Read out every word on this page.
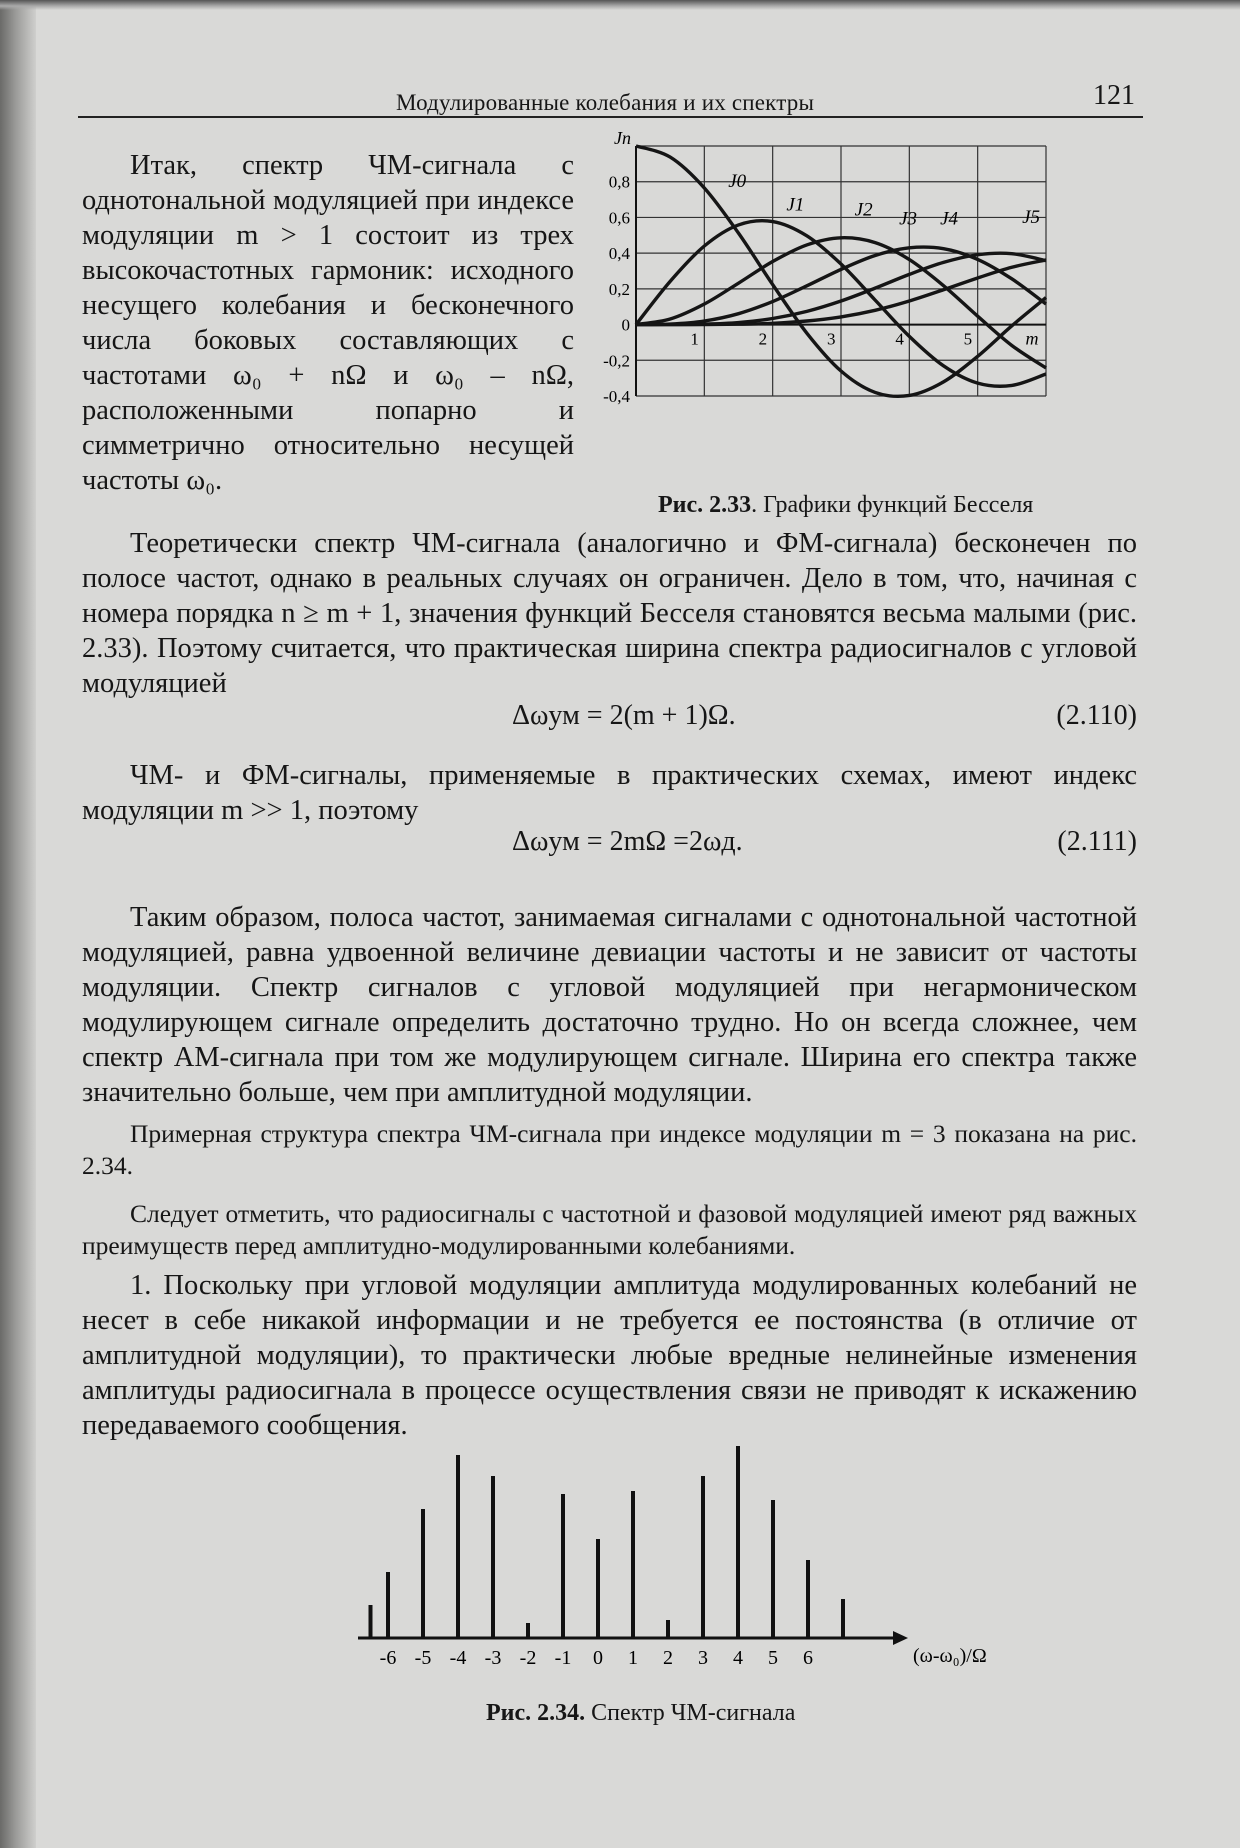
Модулированные колебания и их спектры	121

Итак, спектр ЧМ-сигнала с однотональной модуляцией при индексе модуляции m > 1 состоит из трех высокочастотных гармоник: исходного несущего колебания и бесконечного числа боковых составляющих с частотами ω₀ + nΩ и ω₀ – nΩ, расположенными попарно и симметрично относительно несущей частоты ω₀.

0,8
0,6
0,4
0,2
0
-0,2
-0,4
1	2	3	4	5	m
Jn
J0
J1	J2 J3 J4	J5
Рис. 2.33. Графики функций Бесселя

Теоретически спектр ЧМ-сигнала (аналогично и ФМ-сигнала) бесконечен по полосе частот, однако в реальных случаях он ограничен. Дело в том, что, начиная с номера порядка n ≥ m + 1, значения функций Бесселя становятся весьма малыми (рис. 2.33). Поэтому считается, что практическая ширина спектра радиосигналов с угловой модуляцией

Δωум = 2(m + 1)Ω.	(2.110)

ЧМ- и ФМ-сигналы, применяемые в практических схемах, имеют индекс модуляции m >> 1, поэтому

Δωум = 2mΩ =2ωд.	(2.111)

Таким образом, полоса частот, занимаемая сигналами с однотональной частотной модуляцией, равна удвоенной величине девиации частоты и не зависит от частоты модуляции. Спектр сигналов с угловой модуляцией при негармоническом модулирующем сигнале определить достаточно трудно. Но он всегда сложнее, чем спектр АМ-сигнала при том же модулирующем сигнале. Ширина его спектра также значительно больше, чем при амплитудной модуляции.

Примерная структура спектра ЧМ-сигнала при индексе модуляции m = 3 показана на рис. 2.34.

Следует отметить, что радиосигналы с частотной и фазовой модуляцией имеют ряд важных преимуществ перед амплитудно-модулированными колебаниями.

1. Поскольку при угловой модуляции амплитуда модулированных колебаний не несет в себе никакой информации и не требуется ее постоянства (в отличие от амплитудной модуляции), то практически любые вредные нелинейные изменения амплитуды радиосигнала в процессе осуществления связи не приводят к искажению передаваемого сообщения.

-6 -5 -4 -3 -2 -1 0 1 2 3 4 5 6	(ω-ω₀)/Ω
Рис. 2.34. Спектр ЧМ-сигнала
